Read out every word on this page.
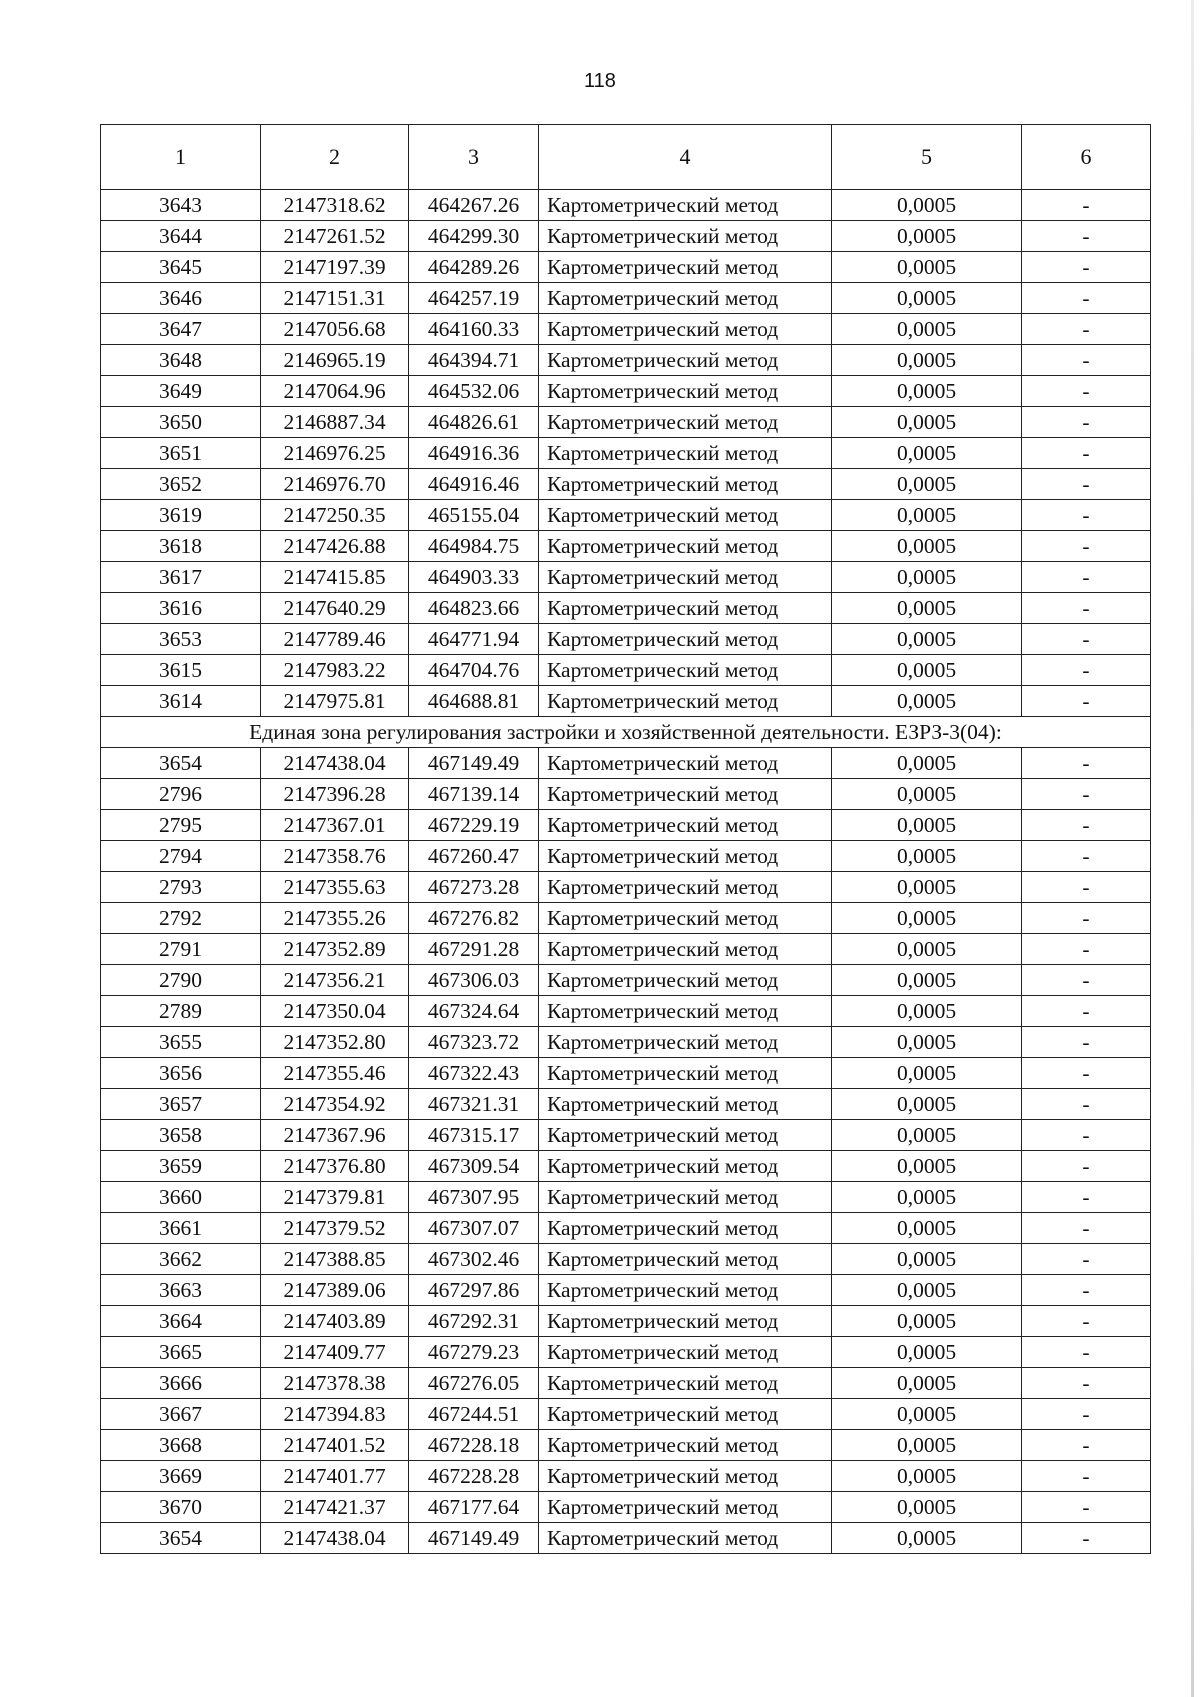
118
1	2	3	4	5	6
3643	2147318.62	464267.26	Картометрический метод	0,0005	-
3644	2147261.52	464299.30	Картометрический метод	0,0005	-
3645	2147197.39	464289.26	Картометрический метод	0,0005	-
3646	2147151.31	464257.19	Картометрический метод	0,0005	-
3647	2147056.68	464160.33	Картометрический метод	0,0005	-
3648	2146965.19	464394.71	Картометрический метод	0,0005	-
3649	2147064.96	464532.06	Картометрический метод	0,0005	-
3650	2146887.34	464826.61	Картометрический метод	0,0005	-
3651	2146976.25	464916.36	Картометрический метод	0,0005	-
3652	2146976.70	464916.46	Картометрический метод	0,0005	-
3619	2147250.35	465155.04	Картометрический метод	0,0005	-
3618	2147426.88	464984.75	Картометрический метод	0,0005	-
3617	2147415.85	464903.33	Картометрический метод	0,0005	-
3616	2147640.29	464823.66	Картометрический метод	0,0005	-
3653	2147789.46	464771.94	Картометрический метод	0,0005	-
3615	2147983.22	464704.76	Картометрический метод	0,0005	-
3614	2147975.81	464688.81	Картометрический метод	0,0005	-
Единая зона регулирования застройки и хозяйственной деятельности. ЕЗРЗ-3(04):					
3654	2147438.04	467149.49	Картометрический метод	0,0005	-
2796	2147396.28	467139.14	Картометрический метод	0,0005	-
2795	2147367.01	467229.19	Картометрический метод	0,0005	-
2794	2147358.76	467260.47	Картометрический метод	0,0005	-
2793	2147355.63	467273.28	Картометрический метод	0,0005	-
2792	2147355.26	467276.82	Картометрический метод	0,0005	-
2791	2147352.89	467291.28	Картометрический метод	0,0005	-
2790	2147356.21	467306.03	Картометрический метод	0,0005	-
2789	2147350.04	467324.64	Картометрический метод	0,0005	-
3655	2147352.80	467323.72	Картометрический метод	0,0005	-
3656	2147355.46	467322.43	Картометрический метод	0,0005	-
3657	2147354.92	467321.31	Картометрический метод	0,0005	-
3658	2147367.96	467315.17	Картометрический метод	0,0005	-
3659	2147376.80	467309.54	Картометрический метод	0,0005	-
3660	2147379.81	467307.95	Картометрический метод	0,0005	-
3661	2147379.52	467307.07	Картометрический метод	0,0005	-
3662	2147388.85	467302.46	Картометрический метод	0,0005	-
3663	2147389.06	467297.86	Картометрический метод	0,0005	-
3664	2147403.89	467292.31	Картометрический метод	0,0005	-
3665	2147409.77	467279.23	Картометрический метод	0,0005	-
3666	2147378.38	467276.05	Картометрический метод	0,0005	-
3667	2147394.83	467244.51	Картометрический метод	0,0005	-
3668	2147401.52	467228.18	Картометрический метод	0,0005	-
3669	2147401.77	467228.28	Картометрический метод	0,0005	-
3670	2147421.37	467177.64	Картометрический метод	0,0005	-
3654	2147438.04	467149.49	Картометрический метод	0,0005	-
